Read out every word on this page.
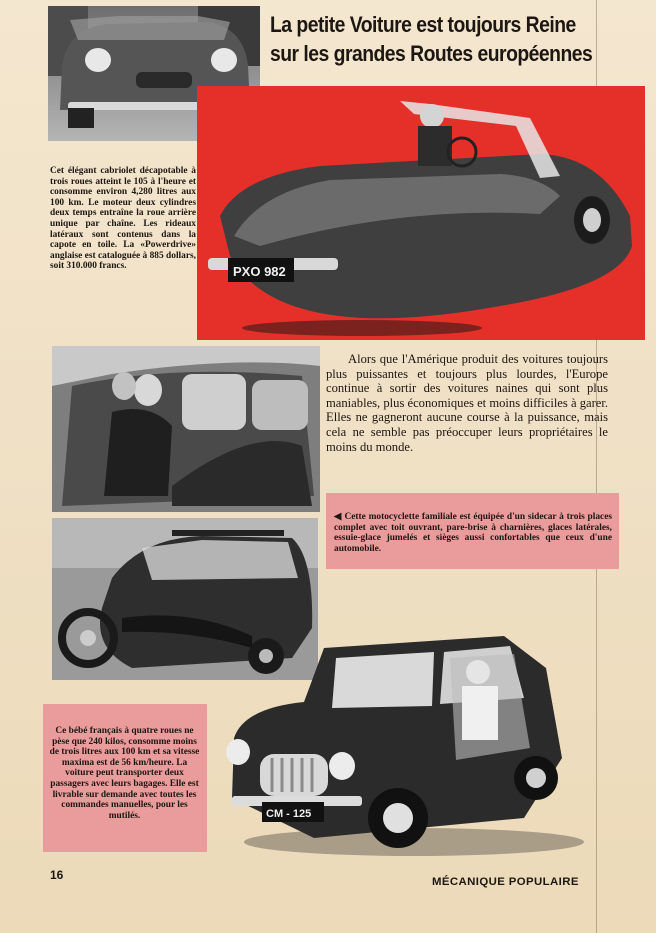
La petite Voiture est toujours Reine
sur les grandes Routes européennes
PXO 982

Cet élégant cabriolet décapotable à trois roues atteint le 105 à l'heure et consomme environ 4,280 litres aux 100 km. Le moteur deux cylindres deux temps entraîne la roue arrière unique par chaîne. Les rideaux latéraux sont contenus dans la capote en toile. La «Powerdrive» anglaise est cataloguée à 885 dollars, soit 310.000 francs.

Alors que l'Amérique produit des voitures toujours plus puissantes et toujours plus lourdes, l'Europe continue à sortir des voitures naines qui sont plus maniables, plus économiques et moins difficiles à garer. Elles ne gagneront aucune course à la puissance, mais cela ne semble pas préoccuper leurs propriétaires le moins du monde.

◀ Cette motocyclette familiale est équipée d'un sidecar à trois places complet avec toit ouvrant, pare-brise à charnières, glaces latérales, essuie-glace jumelés et sièges aussi confortables que ceux d'une automobile.

CM - 125

Ce bébé français à quatre roues ne pèse que 240 kilos, consomme moins de trois litres aux 100 km et sa vitesse maxima est de 56 km/heure. La voiture peut transporter deux passagers avec leurs bagages. Elle est livrable sur demande avec toutes les commandes manuelles, pour les mutilés.

16	MÉCANIQUE POPULAIRE
